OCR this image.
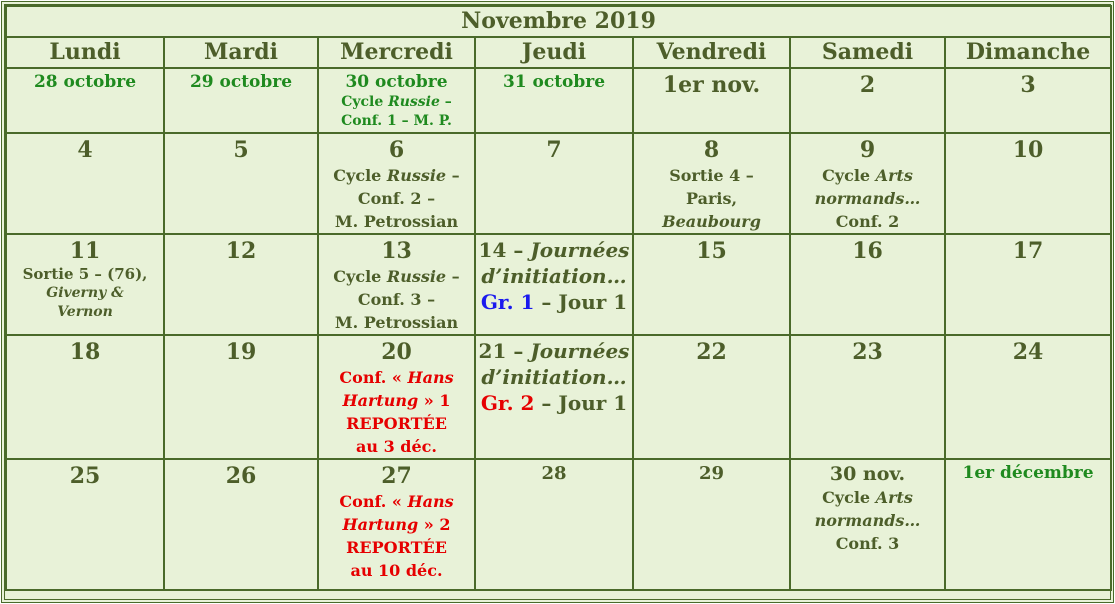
Novembre 2019						
Lundi	Mardi	Mercredi	Jeudi	Vendredi	Samedi	Dimanche

28 octobre	29 octobre	30 octobre
Cycle Russie –
Conf. 1 – M. P.	31 octobre	1er nov.	2	3

4	5	6
Cycle Russie –
Conf. 2 –
M. Petrossian	7	8
Sortie 4 –
Paris,
Beaubourg	9
Cycle Arts
normands…
Conf. 2	10

11
Sortie 5 – (76),
Giverny &
Vernon	12	13
Cycle Russie –
Conf. 3 –
M. Petrossian	14 – Journées
d’initiation…
Gr. 1 – Jour 1	15	16	17

18	19	20
Conf. « Hans
Hartung » 1
REPORTÉE
au 3 déc.	21 – Journées
d’initiation…
Gr. 2 – Jour 1	22	23	24

25	26	27
Conf. « Hans
Hartung » 2
REPORTÉE
au 10 déc.	28	29	30 nov.
Cycle Arts
normands…
Conf. 3	1er décembre
